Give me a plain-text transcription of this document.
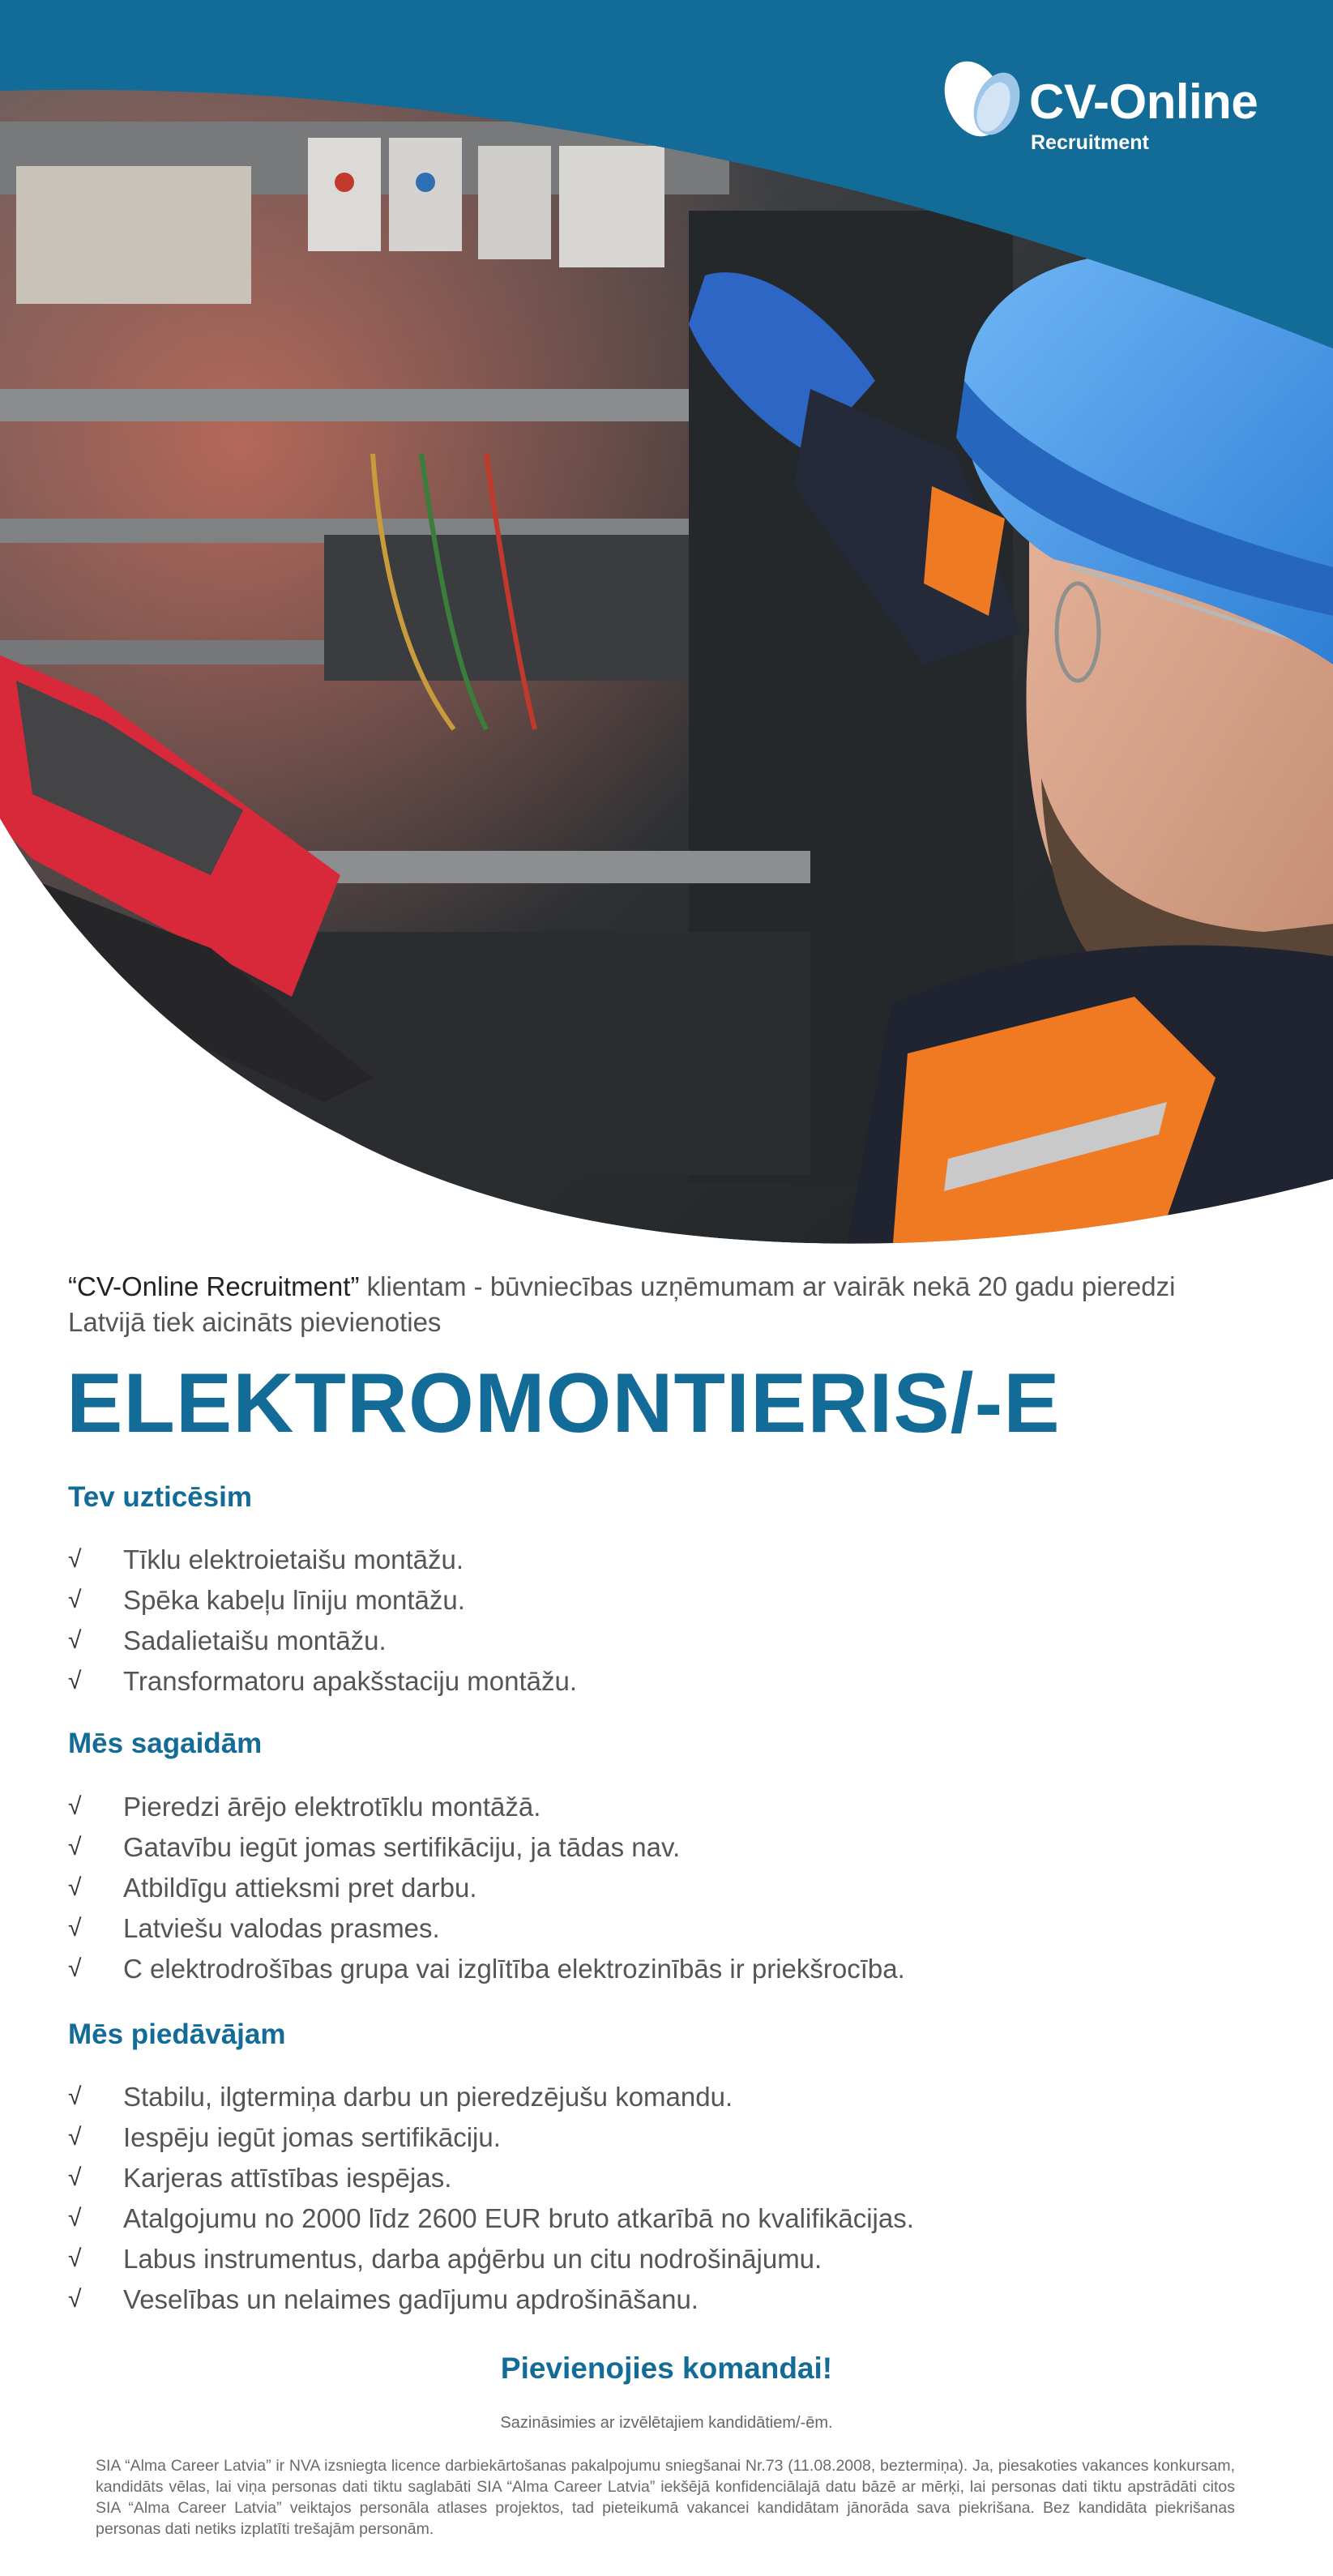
CV-Online
Recruitment
“CV-Online Recruitment” klientam - būvniecības uzņēmumam ar vairāk nekā 20 gadu pieredzi Latvijā tiek aicināts pievienoties
ELEKTROMONTIERIS/-E
Tev uzticēsim
√ Tīklu elektroietaišu montāžu.
√ Spēka kabeļu līniju montāžu.
√ Sadalietaišu montāžu.
√ Transformatoru apakšstaciju montāžu.
Mēs sagaidām
√ Pieredzi ārējo elektrotīklu montāžā.
√ Gatavību iegūt jomas sertifikāciju, ja tādas nav.
√ Atbildīgu attieksmi pret darbu.
√ Latviešu valodas prasmes.
√ C elektrodrošības grupa vai izglītība elektrozinībās ir priekšrocība.
Mēs piedāvājam
√ Stabilu, ilgtermiņa darbu un pieredzējušu komandu.
√ Iespēju iegūt jomas sertifikāciju.
√ Karjeras attīstības iespējas.
√ Atalgojumu no 2000 līdz 2600 EUR bruto atkarībā no kvalifikācijas.
√ Labus instrumentus, darba apģērbu un citu nodrošinājumu.
√ Veselības un nelaimes gadījumu apdrošināšanu.
Pievienojies komandai!
Sazināsimies ar izvēlētajiem kandidātiem/-ēm.
SIA “Alma Career Latvia” ir NVA izsniegta licence darbiekārtošanas pakalpojumu sniegšanai Nr.73 (11.08.2008, beztermiņa). Ja, piesakoties vakances konkursam, kandidāts vēlas, lai viņa personas dati tiktu saglabāti SIA “Alma Career Latvia” iekšējā konfidenciālajā datu bāzē ar mērķi, lai personas dati tiktu apstrādāti citos SIA “Alma Career Latvia” veiktajos personāla atlases projektos, tad pieteikumā vakancei kandidātam jānorāda sava piekrišana. Bez kandidāta piekrišanas personas dati netiks izplatīti trešajām personām.
